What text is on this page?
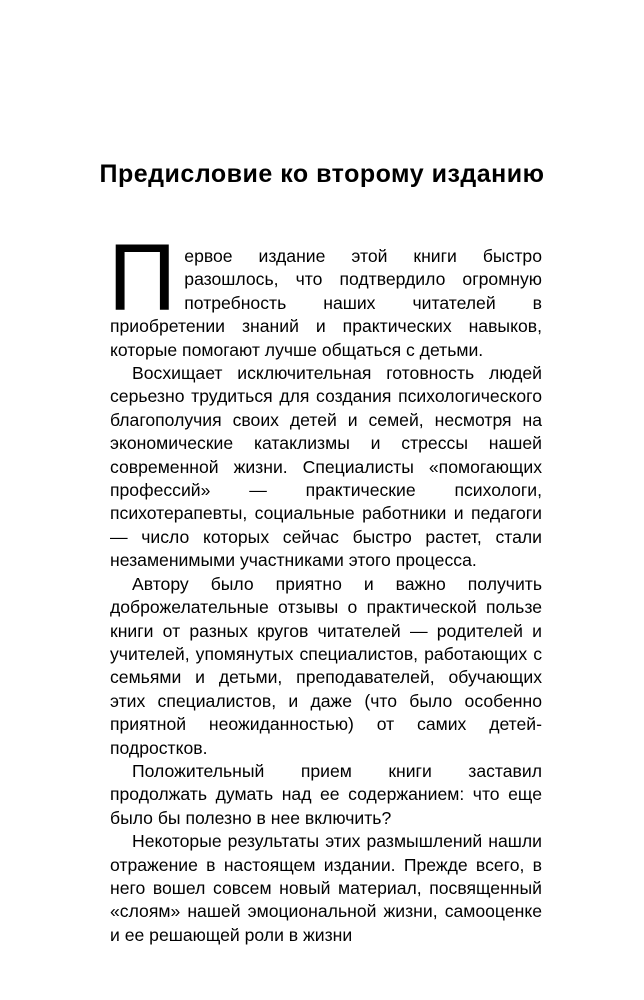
Предисловие ко второму изданию

Первое издание этой книги быстро разошлось, что подтвердило огромную потребность наших читателей в приобретении знаний и практических навыков, которые помогают лучше общаться с детьми.

Восхищает исключительная готовность людей серьезно трудиться для создания психологического благополучия своих детей и семей, несмотря на экономические катаклизмы и стрессы нашей современной жизни. Специалисты «помогающих профессий» — практические психологи, психотерапевты, социальные работники и педагоги — число которых сейчас быстро растет, стали незаменимыми участниками этого процесса.

Автору было приятно и важно получить доброжелательные отзывы о практической пользе книги от разных кругов читателей — родителей и учителей, упомянутых специалистов, работающих с семьями и детьми, преподавателей, обучающих этих специалистов, и даже (что было особенно приятной неожиданностью) от самих детей-подростков.

Положительный прием книги заставил продолжать думать над ее содержанием: что еще было бы полезно в нее включить?

Некоторые результаты этих размышлений нашли отражение в настоящем издании. Прежде всего, в него вошел совсем новый материал, посвященный «слоям» нашей эмоциональной жизни, самооценке и ее решающей роли в жизни
